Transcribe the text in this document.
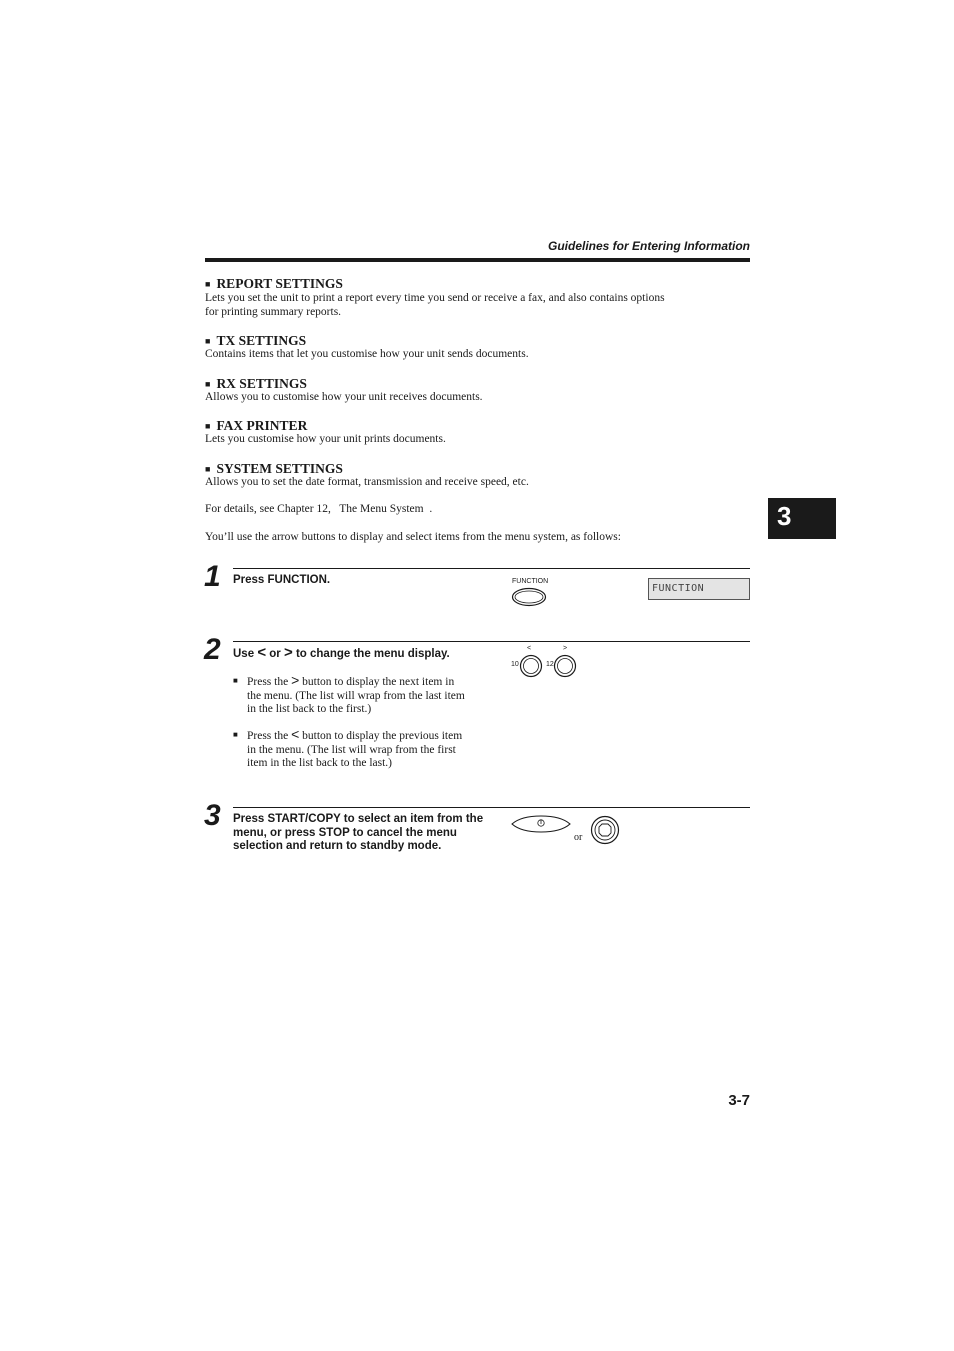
Guidelines for Entering Information
■ REPORT SETTINGS
Lets you set the unit to print a report every time you send or receive a fax, and also contains options
for printing summary reports.
■ TX SETTINGS
Contains items that let you customise how your unit sends documents.
■ RX SETTINGS
Allows you to customise how your unit receives documents.
■ FAX PRINTER
Lets you customise how your unit prints documents.
■ SYSTEM SETTINGS
Allows you to set the date format, transmission and receive speed, etc.
For details, see Chapter 12,   The Menu System  .
You’ll use the arrow buttons to display and select items from the menu system, as follows:
3
1 Press FUNCTION.	FUNCTION
FUNCTION
2 Use < or > to change the menu display.
■ Press the > button to display the next item in
the menu. (The list will wrap from the last item
in the list back to the first.)
■ Press the < button to display the previous item
in the menu. (The list will wrap from the first
item in the list back to the last.)
<	>
10	12
3 Press START/COPY to select an item from the
menu, or press STOP to cancel the menu
selection and return to standby mode.
or
3-7
